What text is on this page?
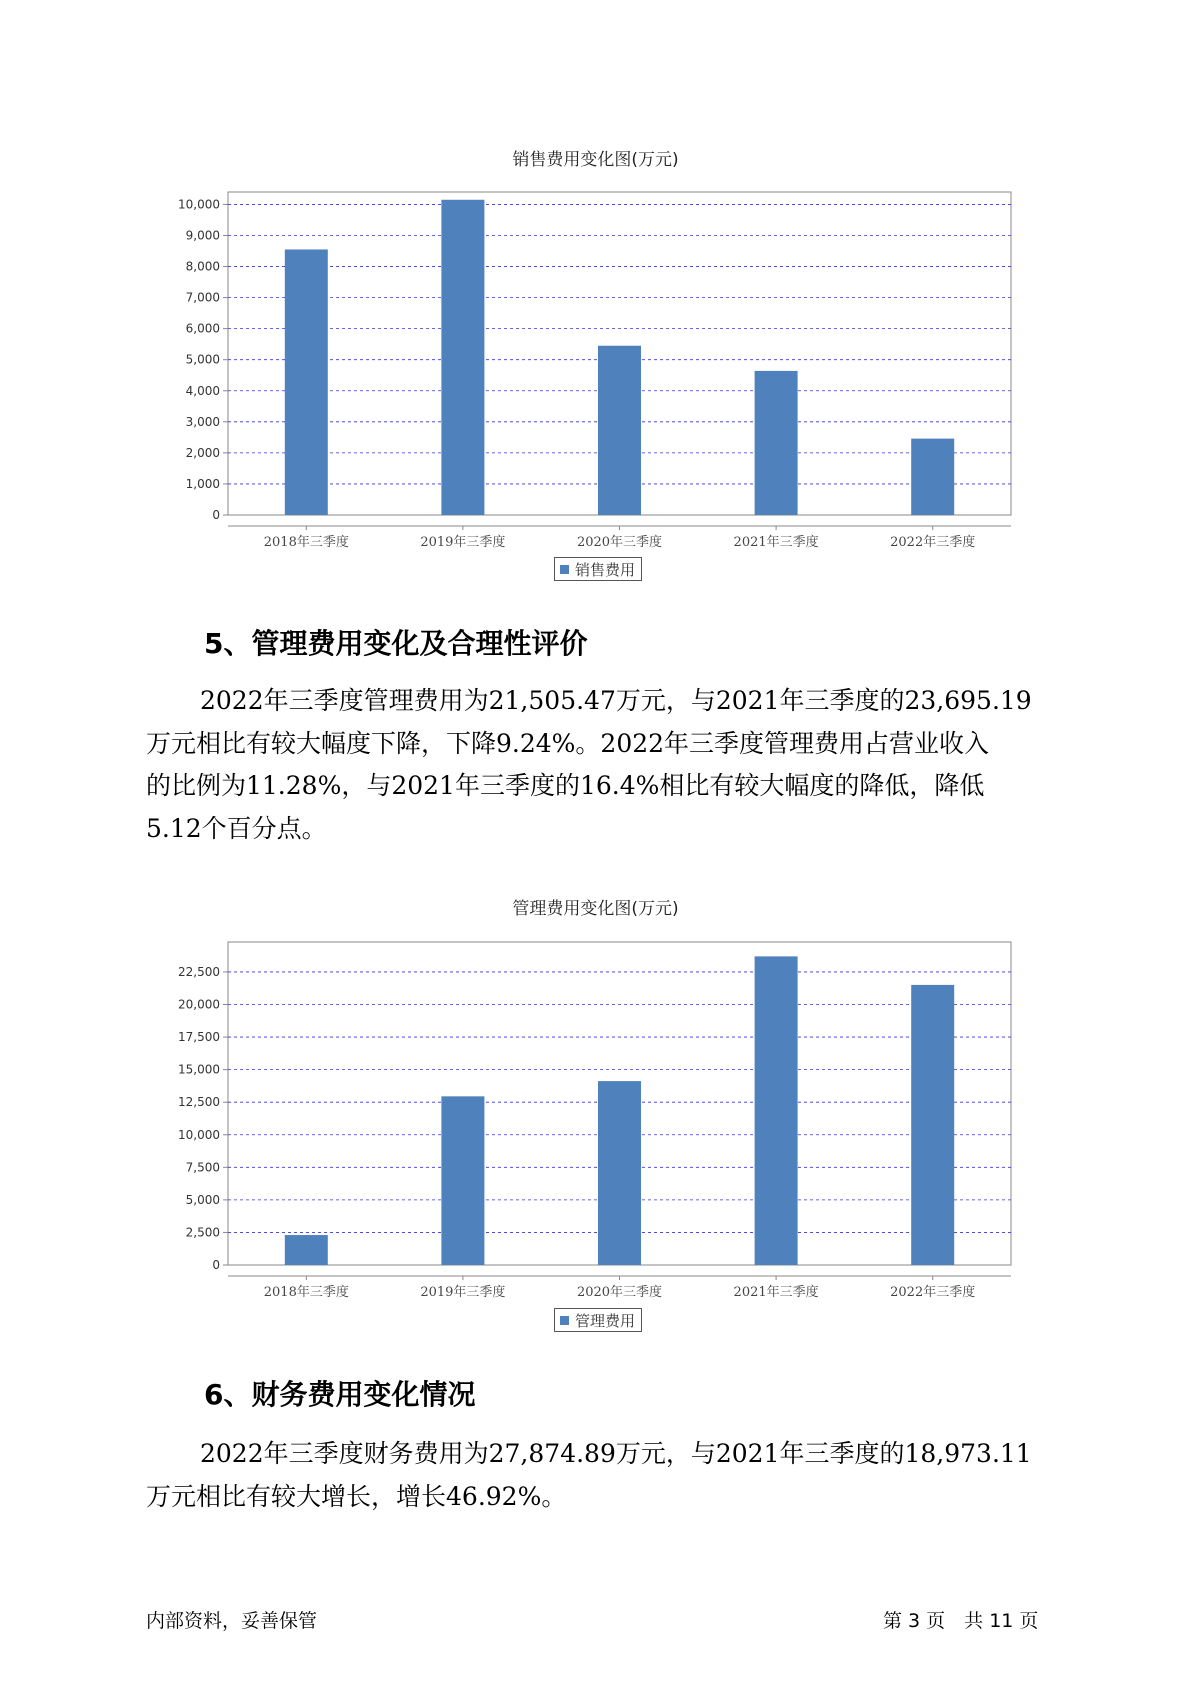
销售费用变化图(万元)
0
1,000
2,000
3,000
4,000
5,000
6,000
7,000
8,000
9,000
10,000
2018年三季度	2019年三季度	2020年三季度	2021年三季度	2022年三季度
销售费用
5、管理费用变化及合理性评价
2022年三季度管理费用为21,505.47万元，与2021年三季度的23,695.19
万元相比有较大幅度下降，下降9.24%。2022年三季度管理费用占营业收入
的比例为11.28%，与2021年三季度的16.4%相比有较大幅度的降低，降低
5.12个百分点。
管理费用变化图(万元)
0
2,500
5,000
7,500
10,000
12,500
15,000
17,500
20,000
22,500
2018年三季度	2019年三季度	2020年三季度	2021年三季度	2022年三季度
管理费用
6、财务费用变化情况
2022年三季度财务费用为27,874.89万元，与2021年三季度的18,973.11
万元相比有较大增长，增长46.92%。
内部资料，妥善保管	第 3 页　共 11 页
